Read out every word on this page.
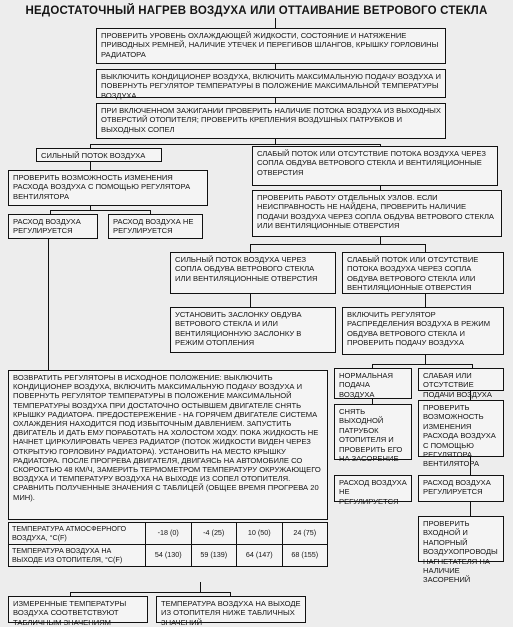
НЕДОСТАТОЧНЫЙ НАГРЕВ ВОЗДУХА ИЛИ ОТТАИВАНИЕ ВЕТРОВОГО СТЕКЛА
ПРОВЕРИТЬ УРОВЕНЬ ОХЛАЖДАЮЩЕЙ ЖИДКОСТИ, СОСТОЯНИЕ И НАТЯЖЕНИЕ ПРИВОДНЫХ РЕМНЕЙ, НАЛИЧИЕ УТЕЧЕК И ПЕРЕГИБОВ ШЛАНГОВ, КРЫШКУ ГОРЛОВИНЫ РАДИАТОРА
ВЫКЛЮЧИТЬ КОНДИЦИОНЕР ВОЗДУХА, ВКЛЮЧИТЬ МАКСИМАЛЬНУЮ ПОДАЧУ ВОЗДУХА И ПОВЕРНУТЬ РЕГУЛЯТОР ТЕМПЕРАТУРЫ В ПОЛОЖЕНИЕ МАКСИМАЛЬНОЙ ТЕМПЕРАТУРЫ ВОЗДУХА
ПРИ ВКЛЮЧЕННОМ ЗАЖИГАНИИ ПРОВЕРИТЬ НАЛИЧИЕ ПОТОКА ВОЗДУХА ИЗ ВЫХОДНЫХ ОТВЕРСТИЙ ОТОПИТЕЛЯ; ПРОВЕРИТЬ КРЕПЛЕНИЯ ВОЗДУШНЫХ ПАТРУБКОВ И ВЫХОДНЫХ СОПЕЛ
СИЛЬНЫЙ ПОТОК ВОЗДУХА	СЛАБЫЙ ПОТОК ИЛИ ОТСУТСТВИЕ ПОТОКА ВОЗДУХА ЧЕРЕЗ СОПЛА ОБДУВА ВЕТРОВОГО СТЕКЛА И ВЕНТИЛЯЦИОННЫЕ ОТВЕРСТИЯ
ПРОВЕРИТЬ ВОЗМОЖНОСТЬ ИЗМЕНЕНИЯ РАСХОДА ВОЗДУХА С ПОМОЩЬЮ РЕГУЛЯТОРА ВЕНТИЛЯТОРА	ПРОВЕРИТЬ РАБОТУ ОТДЕЛЬНЫХ УЗЛОВ. ЕСЛИ НЕИСПРАВНОСТЬ НЕ НАЙДЕНА, ПРОВЕРИТЬ НАЛИЧИЕ ПОДАЧИ ВОЗДУХА ЧЕРЕЗ СОПЛА ОБДУВА ВЕТРОВОГО СТЕКЛА ИЛИ ВЕНТИЛЯЦИОННЫЕ ОТВЕРСТИЯ
РАСХОД ВОЗДУХА РЕГУЛИРУЕТСЯ
РАСХОД ВОЗДУХА НЕ РЕГУЛИРУЕТСЯ
СИЛЬНЫЙ ПОТОК ВОЗДУХА ЧЕРЕЗ СОПЛА ОБДУВА ВЕТРОВОГО СТЕКЛА ИЛИ ВЕНТИЛЯЦИОННЫЕ ОТВЕРСТИЯ
СЛАБЫЙ ПОТОК ИЛИ ОТСУТСТВИЕ ПОТОКА ВОЗДУХА ЧЕРЕЗ СОПЛА ОБДУВА ВЕТРОВОГО СТЕКЛА ИЛИ ВЕНТИЛЯЦИОННЫЕ ОТВЕРСТИЯ
УСТАНОВИТЬ ЗАСЛОНКУ ОБДУВА ВЕТРОВОГО СТЕКЛА И ИЛИ ВЕНТИЛЯЦИОННУЮ ЗАСЛОНКУ В РЕЖИМ ОТОПЛЕНИЯ
ВКЛЮЧИТЬ РЕГУЛЯТОР РАСПРЕДЕЛЕНИЯ ВОЗДУХА В РЕЖИМ ОБДУВА ВЕТРОВОГО СТЕКЛА И ПРОВЕРИТЬ ПОДАЧУ ВОЗДУХА
ВОЗВРАТИТЬ РЕГУЛЯТОРЫ В ИСХОДНОЕ ПОЛОЖЕНИЕ: ВЫКЛЮЧИТЬ КОНДИЦИОНЕР ВОЗДУХА, ВКЛЮЧИТЬ МАКСИМАЛЬНУЮ ПОДАЧУ ВОЗДУХА И ПОВЕРНУТЬ РЕГУЛЯТОР ТЕМПЕРАТУРЫ В ПОЛОЖЕНИЕ МАКСИМАЛЬНОЙ ТЕМПЕРАТУРЫ ВОЗДУХА ПРИ ДОСТАТОЧНО ОСТЫВШЕМ ДВИГАТЕЛЕ СНЯТЬ КРЫШКУ РАДИАТОРА. ПРЕДОСТЕРЕЖЕНИЕ - НА ГОРЯЧЕМ ДВИГАТЕЛЕ СИСТЕМА ОХЛАЖДЕНИЯ НАХОДИТСЯ ПОД ИЗБЫТОЧНЫМ ДАВЛЕНИЕМ. ЗАПУСТИТЬ ДВИГАТЕЛЬ И ДАТЬ ЕМУ ПОРАБОТАТЬ НА ХОЛОСТОМ ХОДУ. ПОКА ЖИДКОСТЬ НЕ НАЧНЕТ ЦИРКУЛИРОВАТЬ ЧЕРЕЗ РАДИАТОР (ПОТОК ЖИДКОСТИ ВИДЕН ЧЕРЕЗ ОТКРЫТУЮ ГОРЛОВИНУ РАДИАТОРА). УСТАНОВИТЬ НА МЕСТО КРЫШКУ РАДИАТОРА. ПОСЛЕ ПРОГРЕВА ДВИГАТЕЛЯ, ДВИГАЯСЬ НА АВТОМОБИЛЕ СО СКОРОСТЬЮ 48 КМ/Ч, ЗАМЕРИТЬ ТЕРМОМЕТРОМ ТЕМПЕРАТУРУ ОКРУЖАЮЩЕГО ВОЗДУХА И ТЕМПЕРАТУРУ ВОЗДУХА НА ВЫХОДЕ ИЗ СОПЕЛ ОТОПИТЕЛЯ. СРАВНИТЬ ПОЛУЧЕННЫЕ ЗНАЧЕНИЯ С ТАБЛИЦЕЙ (ОБЩЕЕ ВРЕМЯ ПРОГРЕВА 20 МИН).
НОРМАЛЬНАЯ ПОДАЧА ВОЗДУХА
СЛАБАЯ ИЛИ ОТСУТСТВИЕ ПОДАЧИ ВОЗДУХА
СНЯТЬ ВЫХОДНОЙ ПАТРУБОК ОТОПИТЕЛЯ И ПРОВЕРИТЬ ЕГО НА ЗАСОРЕНИЕ
ПРОВЕРИТЬ ВОЗМОЖНОСТЬ ИЗМЕНЕНИЯ РАСХОДА ВОЗДУХА С ПОМОЩЬЮ РЕГУЛЯТОРА ВЕНТИЛЯТОРА
РАСХОД ВОЗДУХА НЕ РЕГУЛИРУЕТСЯ
РАСХОД ВОЗДУХА РЕГУЛИРУЕТСЯ
ПРОВЕРИТЬ ВХОДНОЙ И НАПОРНЫЙ ВОЗДУХОПРОВОДЫ НАГНЕТАТЕЛЯ НА НАЛИЧИЕ ЗАСОРЕНИЙ
ТЕМПЕРАТУРА АТМОСФЕРНОГО ВОЗДУХА, °С(F)	-18 (0)	-4 (25)	10 (50)	24 (75)
ТЕМПЕРАТУРА ВОЗДУХА НА ВЫХОДЕ ИЗ ОТОПИТЕЛЯ, °С(F)	54 (130)	59 (139)	64 (147)	68 (155)
ИЗМЕРЕННЫЕ ТЕМПЕРАТУРЫ ВОЗДУХА СООТВЕТСТВУЮТ ТАБЛИЧНЫМ ЗНАЧЕНИЯМ
ТЕМПЕРАТУРА ВОЗДУХА НА ВЫХОДЕ ИЗ ОТОПИТЕЛЯ НИЖЕ ТАБЛИЧНЫХ ЗНАЧЕНИЙ
